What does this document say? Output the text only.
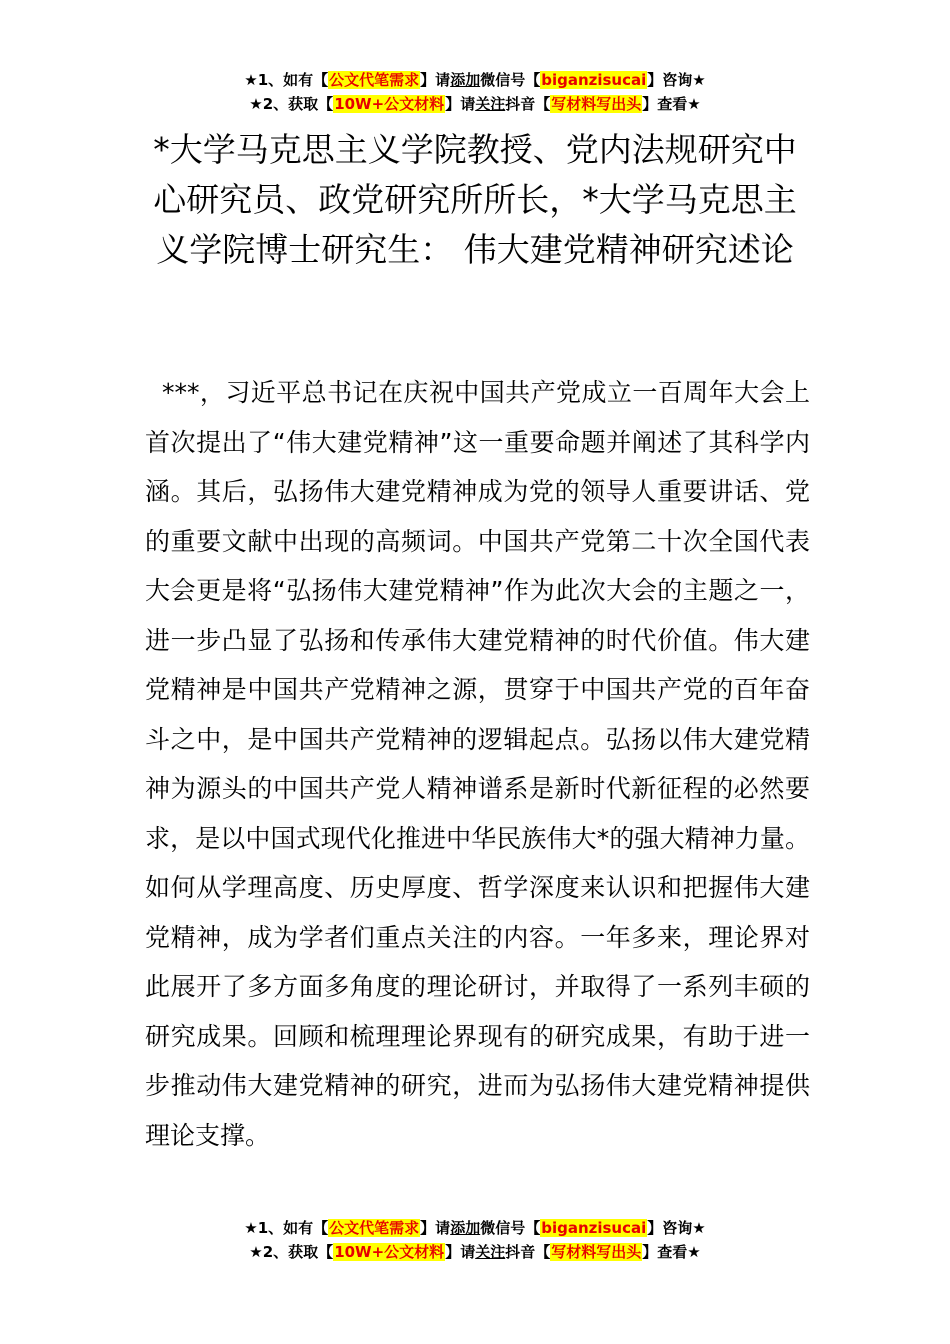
★1、如有【公文代笔需求】请添加微信号【biganzisucai】咨询★
★2、获取【10W+公文材料】请关注抖音【写材料写出头】查看★
*大学马克思主义学院教授、党内法规研究中心研究员、政党研究所所长，*大学马克思主义学院博士研究生： 伟大建党精神研究述论

***，习近平总书记在庆祝中国共产党成立一百周年大会上首次提出了“伟大建党精神”这一重要命题并阐述了其科学内涵。其后，弘扬伟大建党精神成为党的领导人重要讲话、党的重要文献中出现的高频词。中国共产党第二十次全国代表大会更是将“弘扬伟大建党精神”作为此次大会的主题之一，进一步凸显了弘扬和传承伟大建党精神的时代价值。伟大建党精神是中国共产党精神之源，贯穿于中国共产党的百年奋斗之中，是中国共产党精神的逻辑起点。弘扬以伟大建党精神为源头的中国共产党人精神谱系是新时代新征程的必然要求，是以中国式现代化推进中华民族伟大*的强大精神力量。如何从学理高度、历史厚度、哲学深度来认识和把握伟大建党精神，成为学者们重点关注的内容。一年多来，理论界对此展开了多方面多角度的理论研讨，并取得了一系列丰硕的研究成果。回顾和梳理理论界现有的研究成果，有助于进一步推动伟大建党精神的研究，进而为弘扬伟大建党精神提供理论支撑。

★1、如有【公文代笔需求】请添加微信号【biganzisucai】咨询★
★2、获取【10W+公文材料】请关注抖音【写材料写出头】查看★
